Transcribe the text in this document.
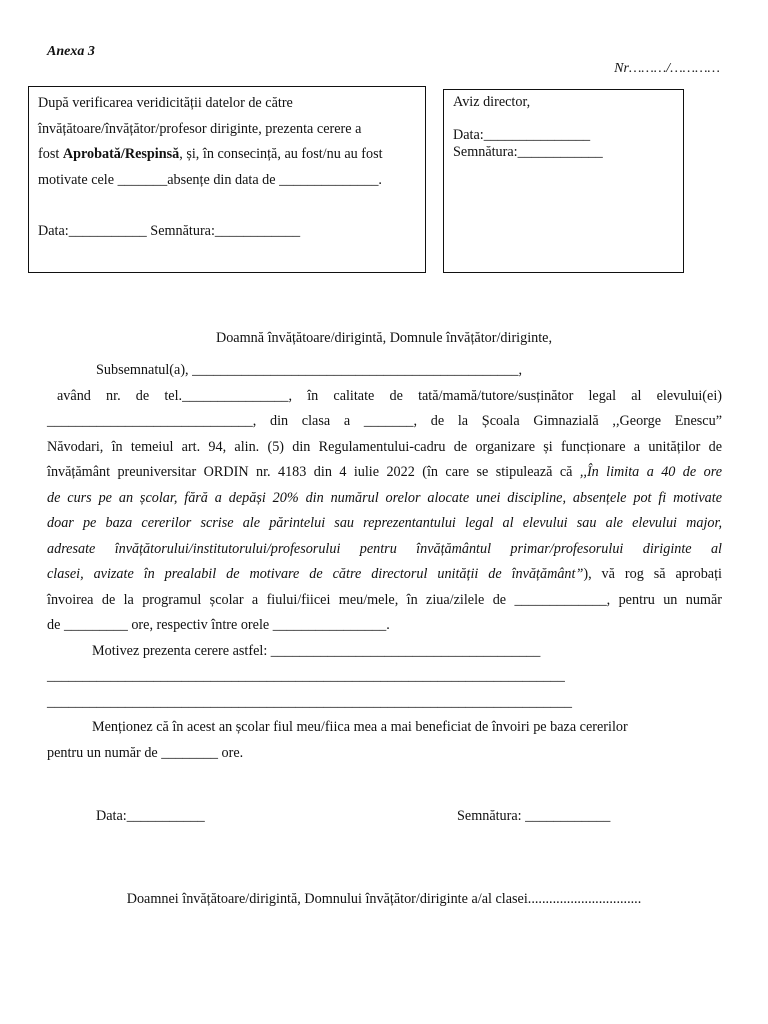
Anexa 3
Nr………/…………
După verificarea veridicității datelor de către
învățătoare/învățător/profesor diriginte, prezenta cerere a
fost Aprobată/Respinsă, și, în consecință, au fost/nu au fost
motivate cele _______absențe din data de ______________.

Data:___________ Semnătura:____________
Aviz director,

Data:_______________
Semnătura:____________
Doamnă învățătoare/dirigintă, Domnule învățător/diriginte,
Subsemnatul(a), ______________________________________________,
având nr. de tel._______________, în calitate de tată/mamă/tutore/susținător legal al elevului(ei)
_____________________________, din clasa a _______, de la Școala Gimnazială ,,George Enescu”
Năvodari, în temeiul art. 94, alin. (5) din Regulamentului-cadru de organizare și funcționare a unităților de
învățământ preuniversitar ORDIN nr. 4183 din 4 iulie 2022 (în care se stipulează că ,,În limita a 40 de ore
de curs pe an școlar, fără a depăși 20% din numărul orelor alocate unei discipline, absențele pot fi motivate
doar pe baza cererilor scrise ale părintelui sau reprezentantului legal al elevului sau ale elevului major,
adresate învățătorului/institutorului/profesorului pentru învățământul primar/profesorului diriginte al
clasei, avizate în prealabil de motivare de către directorul unității de învățământ”), vă rog să aprobați
învoirea de la programul școlar a fiului/fiicei meu/mele, în ziua/zilele de _____________, pentru un număr
de _________ ore, respectiv între orele ________________.
Motivez prezenta cerere astfel: ______________________________________
_________________________________________________________________________
__________________________________________________________________________
Menționez că în acest an școlar fiul meu/fiica mea a mai beneficiat de învoiri pe baza cererilor
pentru un număr de ________ ore.
Data:___________	Semnătura: ____________
Doamnei învățătoare/dirigintă, Domnului învățător/diriginte a/al clasei................................
